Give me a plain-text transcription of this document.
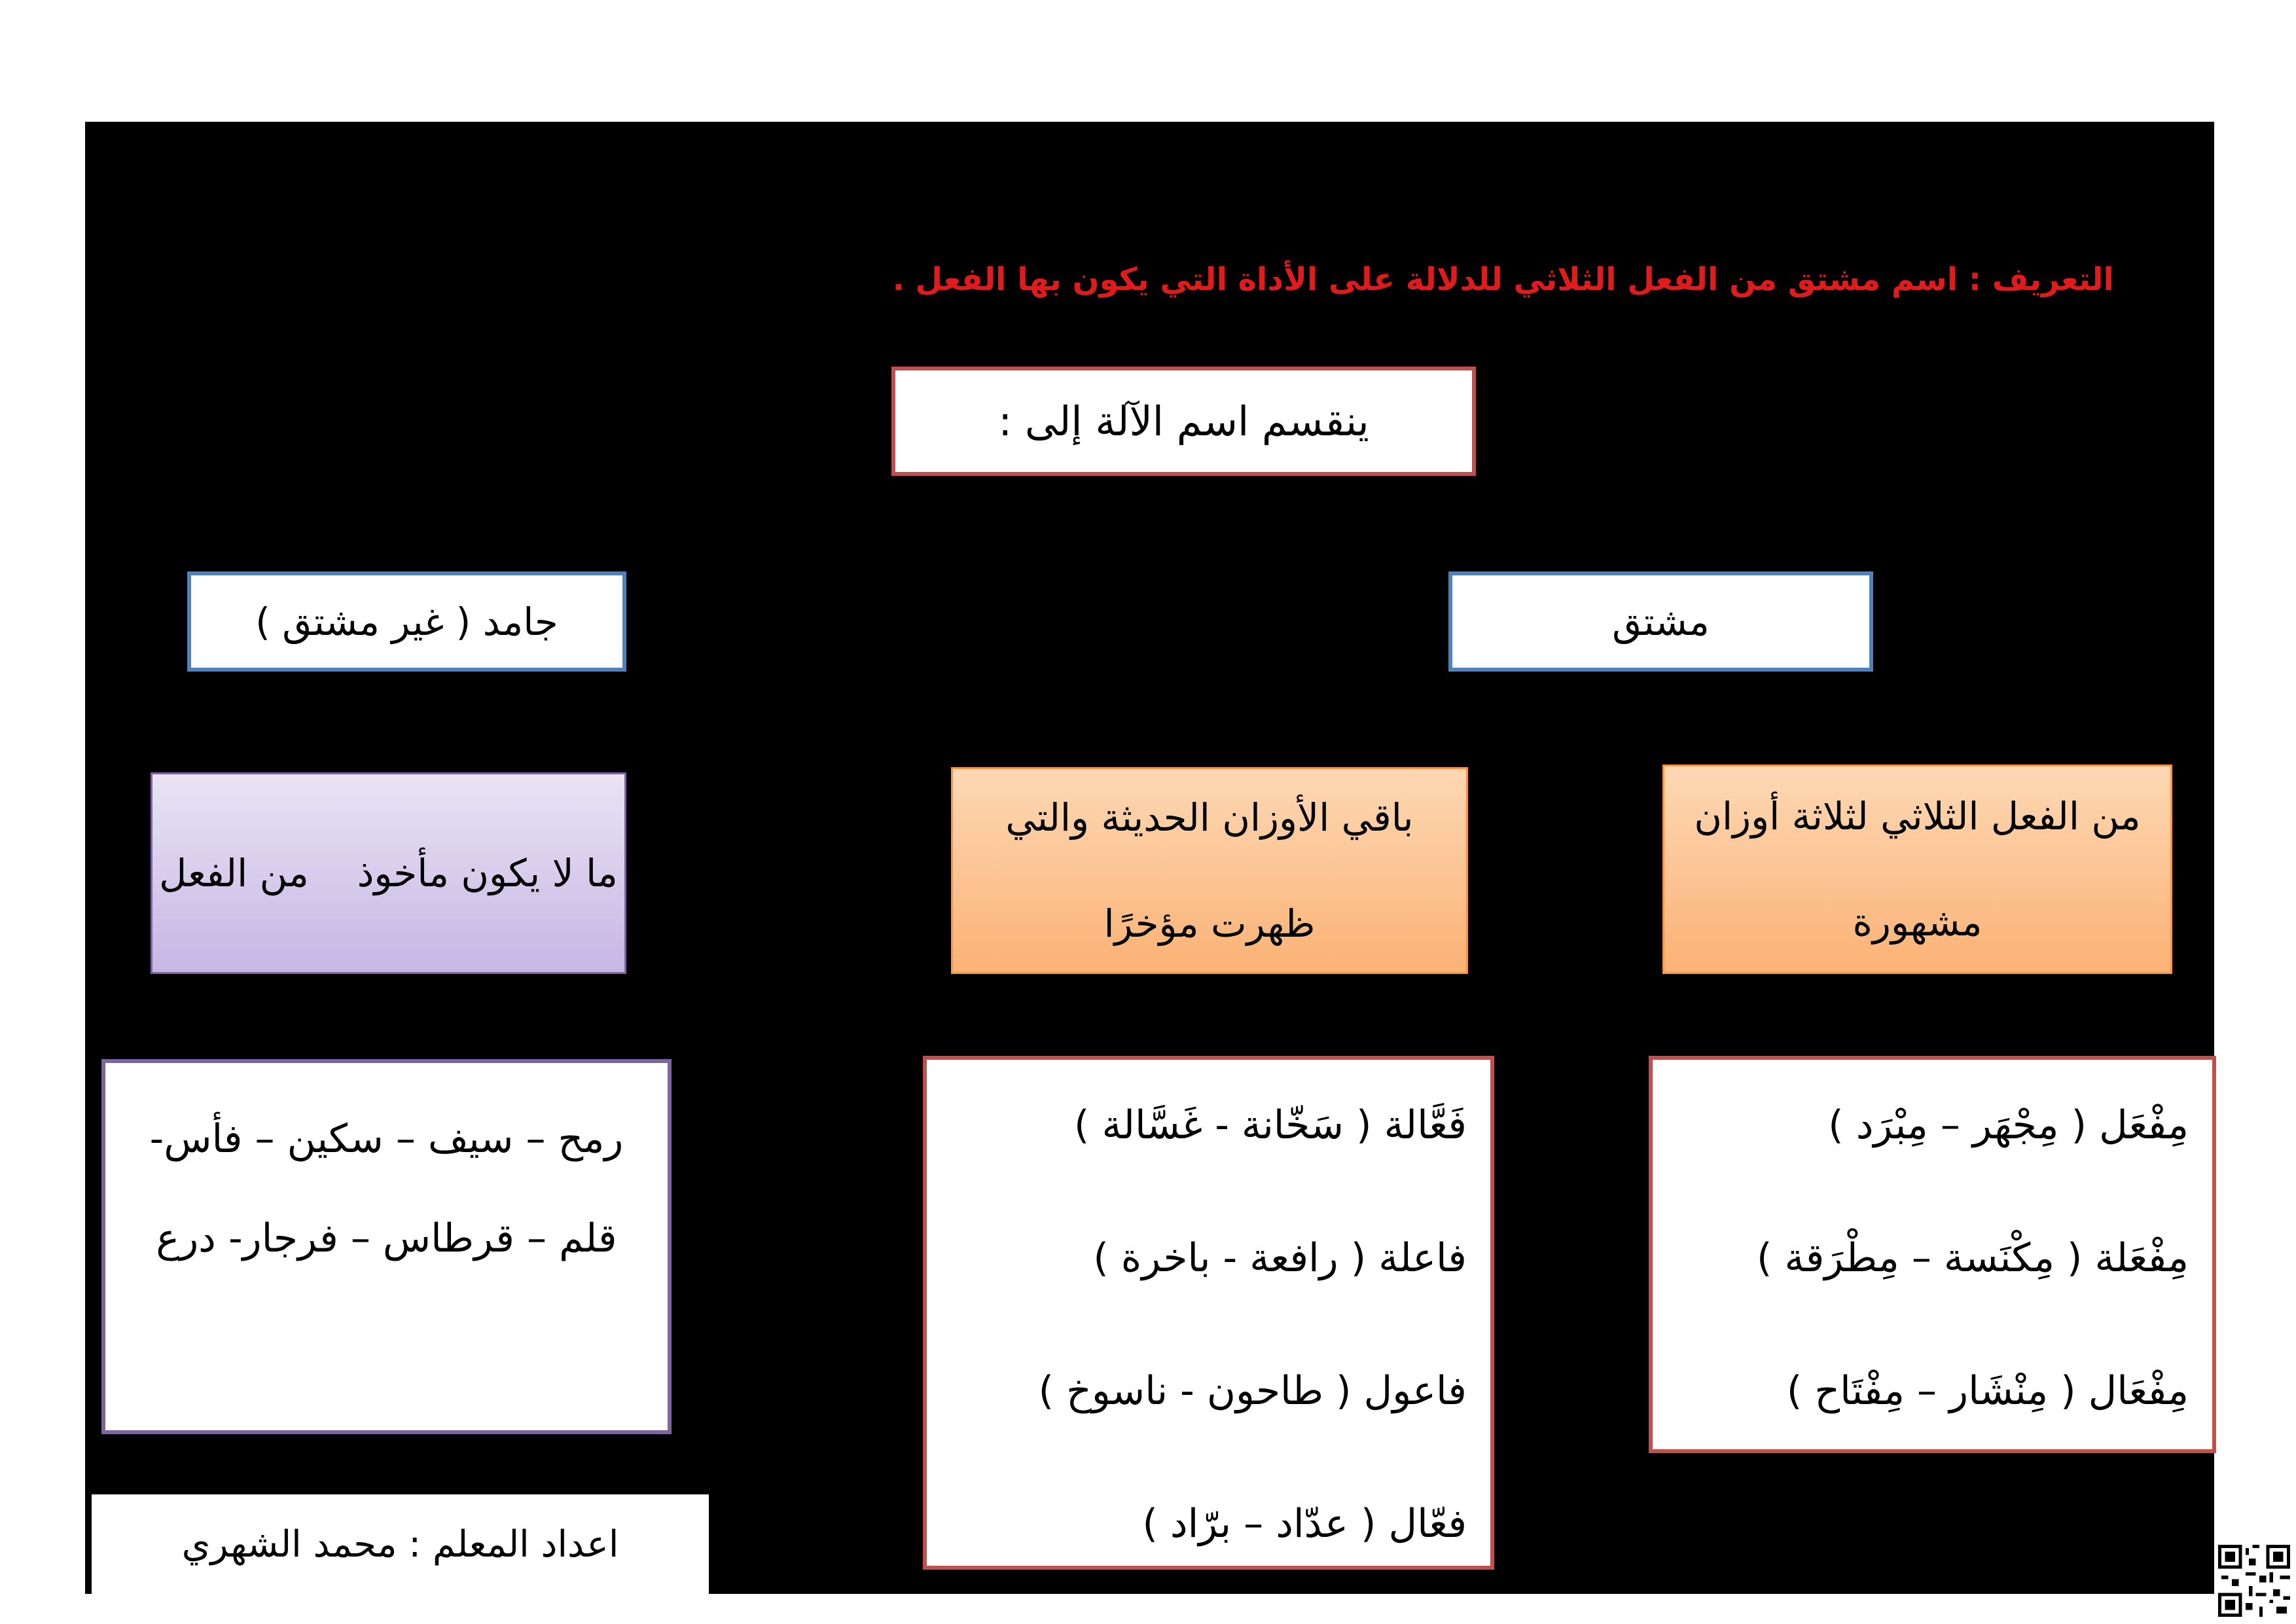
التعريف : اسم مشتق من الفعل الثلاثي للدلالة على الأداة التي يكون بها الفعل .
ينقسم اسم الآلة إلى :
مشتق
جامد ( غير مشتق )
من الفعل الثلاثي لثلاثة أوزان مشهورة
باقي الأوزان الحديثة والتي ظهرت مؤخرًا
ما لا يكون مأخوذ    من الفعل
مِفْعَل ( مِجْهَر – مِبْرَد )
مِفْعَلة ( مِكْنَسة – مِطْرَقة )
مِفْعَال ( مِنْشَار – مِفْتَاح )
فَعَّالة ( سَخّانة - غَسَّالة )
فاعلة ( رافعة - باخرة )
فاعول ( طاحون - ناسوخ )
فعّال ( عدّاد – برّاد )
رمح – سيف – سكين – فأس- قلم – قرطاس – فرجار- درع
اعداد المعلم : محمد الشهري
